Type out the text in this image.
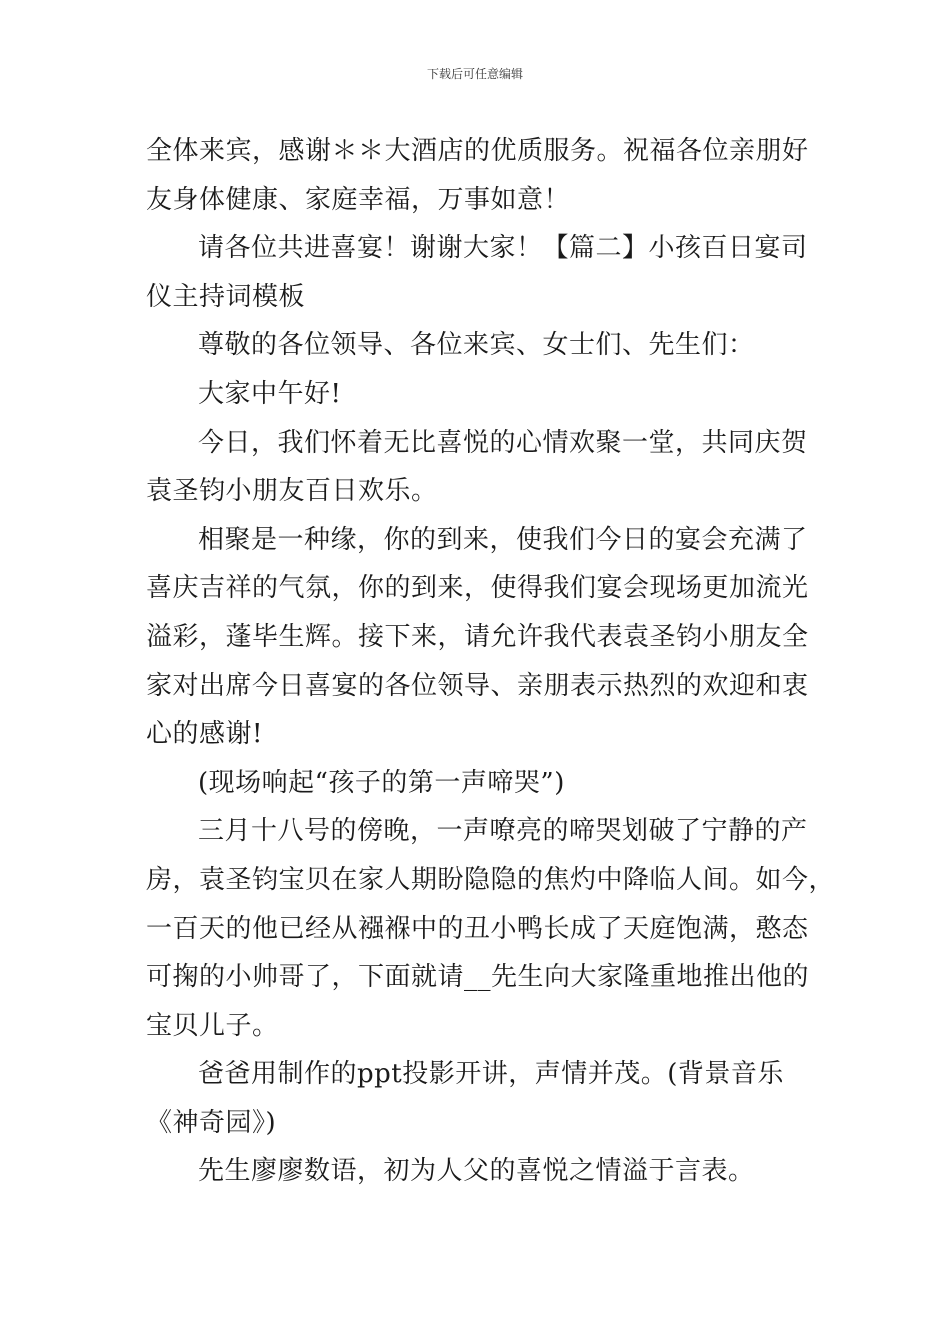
下载后可任意编辑

全体来宾，感谢＊＊大酒店的优质服务。祝福各位亲朋好

友身体健康、家庭幸福，万事如意！

请各位共进喜宴！谢谢大家！【篇二】小孩百日宴司

仪主持词模板

尊敬的各位领导、各位来宾、女士们、先生们：

大家中午好!

今日，我们怀着无比喜悦的心情欢聚一堂，共同庆贺

袁圣钧小朋友百日欢乐。

相聚是一种缘，你的到来，使我们今日的宴会充满了

喜庆吉祥的气氛，你的到来，使得我们宴会现场更加流光

溢彩，蓬毕生辉。接下来，请允许我代表袁圣钧小朋友全

家对出席今日喜宴的各位领导、亲朋表示热烈的欢迎和衷

心的感谢!

(现场响起“孩子的第一声啼哭”)

三月十八号的傍晚，一声嘹亮的啼哭划破了宁静的产

房，袁圣钧宝贝在家人期盼隐隐的焦灼中降临人间。如今，

一百天的他已经从襁褓中的丑小鸭长成了天庭饱满，憨态

可掬的小帅哥了，下面就请__先生向大家隆重地推出他的

宝贝儿子。

爸爸用制作的ppt投影开讲，声情并茂。(背景音乐

《神奇园》)

先生廖廖数语，初为人父的喜悦之情溢于言表。
